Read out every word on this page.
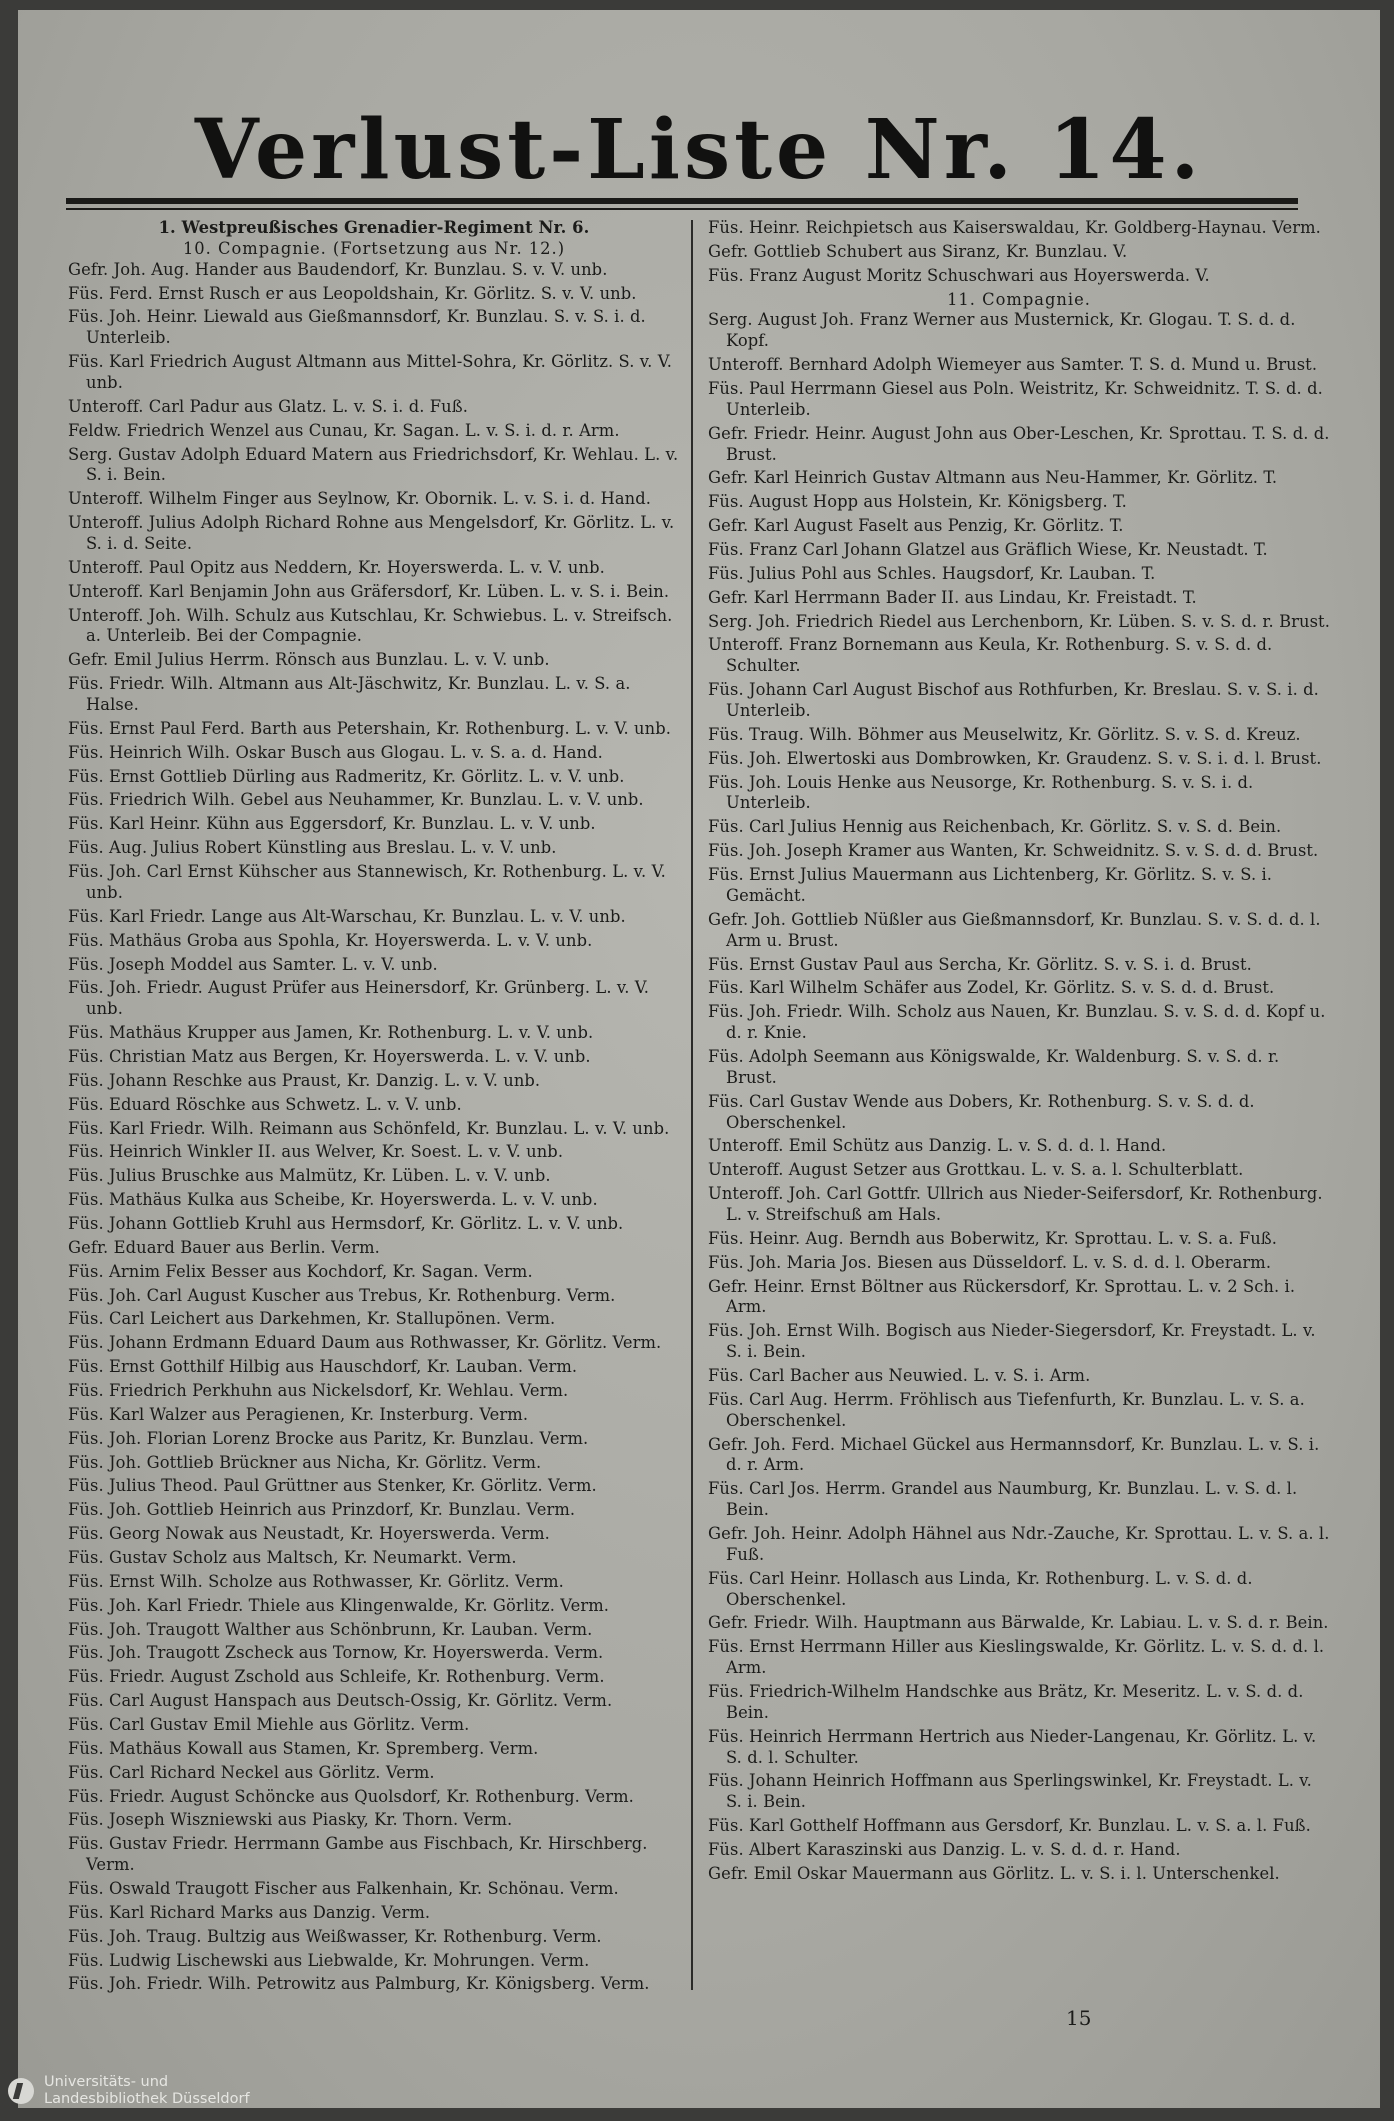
Verlust-Liste Nr. 14.

1. Westpreußisches Grenadier-Regiment Nr. 6.

10. Compagnie. (Fortsetzung aus Nr. 12.)

Gefr. Joh. Aug. Hander aus Baudendorf, Kr. Bunzlau. S. v. V. unb.

Füs. Ferd. Ernst Rusch er aus Leopoldshain, Kr. Görlitz. S. v. V. unb.

Füs. Joh. Heinr. Liewald aus Gießmannsdorf, Kr. Bunzlau. S. v. S. i. d. Unterleib.

Füs. Karl Friedrich August Altmann aus Mittel-Sohra, Kr. Görlitz. S. v. V. unb.

Unteroff. Carl Padur aus Glatz. L. v. S. i. d. Fuß.

Feldw. Friedrich Wenzel aus Cunau, Kr. Sagan. L. v. S. i. d. r. Arm.

Serg. Gustav Adolph Eduard Matern aus Friedrichsdorf, Kr. Wehlau. L. v. S. i. Bein.

Unteroff. Wilhelm Finger aus Seylnow, Kr. Obornik. L. v. S. i. d. Hand.

Unteroff. Julius Adolph Richard Rohne aus Mengelsdorf, Kr. Görlitz. L. v. S. i. d. Seite.

Unteroff. Paul Opitz aus Neddern, Kr. Hoyerswerda. L. v. V. unb.

Unteroff. Karl Benjamin John aus Gräfersdorf, Kr. Lüben. L. v. S. i. Bein.

Unteroff. Joh. Wilh. Schulz aus Kutschlau, Kr. Schwiebus. L. v. Streifsch. a. Unterleib. Bei der Compagnie.

Gefr. Emil Julius Herrm. Rönsch aus Bunzlau. L. v. V. unb.

Füs. Friedr. Wilh. Altmann aus Alt-Jäschwitz, Kr. Bunzlau. L. v. S. a. Halse.

Füs. Ernst Paul Ferd. Barth aus Petershain, Kr. Rothenburg. L. v. V. unb.

Füs. Heinrich Wilh. Oskar Busch aus Glogau. L. v. S. a. d. Hand.

Füs. Ernst Gottlieb Dürling aus Radmeritz, Kr. Görlitz. L. v. V. unb.

Füs. Friedrich Wilh. Gebel aus Neuhammer, Kr. Bunzlau. L. v. V. unb.

Füs. Karl Heinr. Kühn aus Eggersdorf, Kr. Bunzlau. L. v. V. unb.

Füs. Aug. Julius Robert Künstling aus Breslau. L. v. V. unb.

Füs. Joh. Carl Ernst Kühscher aus Stannewisch, Kr. Rothenburg. L. v. V. unb.

Füs. Karl Friedr. Lange aus Alt-Warschau, Kr. Bunzlau. L. v. V. unb.

Füs. Mathäus Groba aus Spohla, Kr. Hoyerswerda. L. v. V. unb.

Füs. Joseph Moddel aus Samter. L. v. V. unb.

Füs. Joh. Friedr. August Prüfer aus Heinersdorf, Kr. Grünberg. L. v. V. unb.

Füs. Mathäus Krupper aus Jamen, Kr. Rothenburg. L. v. V. unb.

Füs. Christian Matz aus Bergen, Kr. Hoyerswerda. L. v. V. unb.

Füs. Johann Reschke aus Praust, Kr. Danzig. L. v. V. unb.

Füs. Eduard Röschke aus Schwetz. L. v. V. unb.

Füs. Karl Friedr. Wilh. Reimann aus Schönfeld, Kr. Bunzlau. L. v. V. unb.

Füs. Heinrich Winkler II. aus Welver, Kr. Soest. L. v. V. unb.

Füs. Julius Bruschke aus Malmütz, Kr. Lüben. L. v. V. unb.

Füs. Mathäus Kulka aus Scheibe, Kr. Hoyerswerda. L. v. V. unb.

Füs. Johann Gottlieb Kruhl aus Hermsdorf, Kr. Görlitz. L. v. V. unb.

Gefr. Eduard Bauer aus Berlin. Verm.

Füs. Arnim Felix Besser aus Kochdorf, Kr. Sagan. Verm.

Füs. Joh. Carl August Kuscher aus Trebus, Kr. Rothenburg. Verm.

Füs. Carl Leichert aus Darkehmen, Kr. Stallupönen. Verm.

Füs. Johann Erdmann Eduard Daum aus Rothwasser, Kr. Görlitz. Verm.

Füs. Ernst Gotthilf Hilbig aus Hauschdorf, Kr. Lauban. Verm.

Füs. Friedrich Perkhuhn aus Nickelsdorf, Kr. Wehlau. Verm.

Füs. Karl Walzer aus Peragienen, Kr. Insterburg. Verm.

Füs. Joh. Florian Lorenz Brocke aus Paritz, Kr. Bunzlau. Verm.

Füs. Joh. Gottlieb Brückner aus Nicha, Kr. Görlitz. Verm.

Füs. Julius Theod. Paul Grüttner aus Stenker, Kr. Görlitz. Verm.

Füs. Joh. Gottlieb Heinrich aus Prinzdorf, Kr. Bunzlau. Verm.

Füs. Georg Nowak aus Neustadt, Kr. Hoyerswerda. Verm.

Füs. Gustav Scholz aus Maltsch, Kr. Neumarkt. Verm.

Füs. Ernst Wilh. Scholze aus Rothwasser, Kr. Görlitz. Verm.

Füs. Joh. Karl Friedr. Thiele aus Klingenwalde, Kr. Görlitz. Verm.

Füs. Joh. Traugott Walther aus Schönbrunn, Kr. Lauban. Verm.

Füs. Joh. Traugott Zscheck aus Tornow, Kr. Hoyerswerda. Verm.

Füs. Friedr. August Zschold aus Schleife, Kr. Rothenburg. Verm.

Füs. Carl August Hanspach aus Deutsch-Ossig, Kr. Görlitz. Verm.

Füs. Carl Gustav Emil Miehle aus Görlitz. Verm.

Füs. Mathäus Kowall aus Stamen, Kr. Spremberg. Verm.

Füs. Carl Richard Neckel aus Görlitz. Verm.

Füs. Friedr. August Schöncke aus Quolsdorf, Kr. Rothenburg. Verm.

Füs. Joseph Wiszniewski aus Piasky, Kr. Thorn. Verm.

Füs. Gustav Friedr. Herrmann Gambe aus Fischbach, Kr. Hirschberg. Verm.

Füs. Oswald Traugott Fischer aus Falkenhain, Kr. Schönau. Verm.

Füs. Karl Richard Marks aus Danzig. Verm.

Füs. Joh. Traug. Bultzig aus Weißwasser, Kr. Rothenburg. Verm.

Füs. Ludwig Lischewski aus Liebwalde, Kr. Mohrungen. Verm.

Füs. Joh. Friedr. Wilh. Petrowitz aus Palmburg, Kr. Königsberg. Verm.

Füs. Heinr. Reichpietsch aus Kaiserswaldau, Kr. Goldberg-Haynau. Verm.

Gefr. Gottlieb Schubert aus Siranz, Kr. Bunzlau. V.

Füs. Franz August Moritz Schuschwari aus Hoyerswerda. V.

11. Compagnie.

Serg. August Joh. Franz Werner aus Musternick, Kr. Glogau. T. S. d. d. Kopf.

Unteroff. Bernhard Adolph Wiemeyer aus Samter. T. S. d. Mund u. Brust.

Füs. Paul Herrmann Giesel aus Poln. Weistritz, Kr. Schweidnitz. T. S. d. d. Unterleib.

Gefr. Friedr. Heinr. August John aus Ober-Leschen, Kr. Sprottau. T. S. d. d. Brust.

Gefr. Karl Heinrich Gustav Altmann aus Neu-Hammer, Kr. Görlitz. T.

Füs. August Hopp aus Holstein, Kr. Königsberg. T.

Gefr. Karl August Faselt aus Penzig, Kr. Görlitz. T.

Füs. Franz Carl Johann Glatzel aus Gräflich Wiese, Kr. Neustadt. T.

Füs. Julius Pohl aus Schles. Haugsdorf, Kr. Lauban. T.

Gefr. Karl Herrmann Bader II. aus Lindau, Kr. Freistadt. T.

Serg. Joh. Friedrich Riedel aus Lerchenborn, Kr. Lüben. S. v. S. d. r. Brust.

Unteroff. Franz Bornemann aus Keula, Kr. Rothenburg. S. v. S. d. d. Schulter.

Füs. Johann Carl August Bischof aus Rothfurben, Kr. Breslau. S. v. S. i. d. Unterleib.

Füs. Traug. Wilh. Böhmer aus Meuselwitz, Kr. Görlitz. S. v. S. d. Kreuz.

Füs. Joh. Elwertoski aus Dombrowken, Kr. Graudenz. S. v. S. i. d. l. Brust.

Füs. Joh. Louis Henke aus Neusorge, Kr. Rothenburg. S. v. S. i. d. Unterleib.

Füs. Carl Julius Hennig aus Reichenbach, Kr. Görlitz. S. v. S. d. Bein.

Füs. Joh. Joseph Kramer aus Wanten, Kr. Schweidnitz. S. v. S. d. d. Brust.

Füs. Ernst Julius Mauermann aus Lichtenberg, Kr. Görlitz. S. v. S. i. Gemächt.

Gefr. Joh. Gottlieb Nüßler aus Gießmannsdorf, Kr. Bunzlau. S. v. S. d. d. l. Arm u. Brust.

Füs. Ernst Gustav Paul aus Sercha, Kr. Görlitz. S. v. S. i. d. Brust.

Füs. Karl Wilhelm Schäfer aus Zodel, Kr. Görlitz. S. v. S. d. d. Brust.

Füs. Joh. Friedr. Wilh. Scholz aus Nauen, Kr. Bunzlau. S. v. S. d. d. Kopf u. d. r. Knie.

Füs. Adolph Seemann aus Königswalde, Kr. Waldenburg. S. v. S. d. r. Brust.

Füs. Carl Gustav Wende aus Dobers, Kr. Rothenburg. S. v. S. d. d. Oberschenkel.

Unteroff. Emil Schütz aus Danzig. L. v. S. d. d. l. Hand.

Unteroff. August Setzer aus Grottkau. L. v. S. a. l. Schulterblatt.

Unteroff. Joh. Carl Gottfr. Ullrich aus Nieder-Seifersdorf, Kr. Rothenburg. L. v. Streifschuß am Hals.

Füs. Heinr. Aug. Berndh aus Boberwitz, Kr. Sprottau. L. v. S. a. Fuß.

Füs. Joh. Maria Jos. Biesen aus Düsseldorf. L. v. S. d. d. l. Oberarm.

Gefr. Heinr. Ernst Böltner aus Rückersdorf, Kr. Sprottau. L. v. 2 Sch. i. Arm.

Füs. Joh. Ernst Wilh. Bogisch aus Nieder-Siegersdorf, Kr. Freystadt. L. v. S. i. Bein.

Füs. Carl Bacher aus Neuwied. L. v. S. i. Arm.

Füs. Carl Aug. Herrm. Fröhlisch aus Tiefenfurth, Kr. Bunzlau. L. v. S. a. Oberschenkel.

Gefr. Joh. Ferd. Michael Gückel aus Hermannsdorf, Kr. Bunzlau. L. v. S. i. d. r. Arm.

Füs. Carl Jos. Herrm. Grandel aus Naumburg, Kr. Bunzlau. L. v. S. d. l. Bein.

Gefr. Joh. Heinr. Adolph Hähnel aus Ndr.-Zauche, Kr. Sprottau. L. v. S. a. l. Fuß.

Füs. Carl Heinr. Hollasch aus Linda, Kr. Rothenburg. L. v. S. d. d. Oberschenkel.

Gefr. Friedr. Wilh. Hauptmann aus Bärwalde, Kr. Labiau. L. v. S. d. r. Bein.

Füs. Ernst Herrmann Hiller aus Kieslingswalde, Kr. Görlitz. L. v. S. d. d. l. Arm.

Füs. Friedrich-Wilhelm Handschke aus Brätz, Kr. Meseritz. L. v. S. d. d. Bein.

Füs. Heinrich Herrmann Hertrich aus Nieder-Langenau, Kr. Görlitz. L. v. S. d. l. Schulter.

Füs. Johann Heinrich Hoffmann aus Sperlingswinkel, Kr. Freystadt. L. v. S. i. Bein.

Füs. Karl Gotthelf Hoffmann aus Gersdorf, Kr. Bunzlau. L. v. S. a. l. Fuß.

Füs. Albert Karaszinski aus Danzig. L. v. S. d. d. r. Hand.

Gefr. Emil Oskar Mauermann aus Görlitz. L. v. S. i. l. Unterschenkel.

15
Universitäts- und
Landesbibliothek Düsseldorf
